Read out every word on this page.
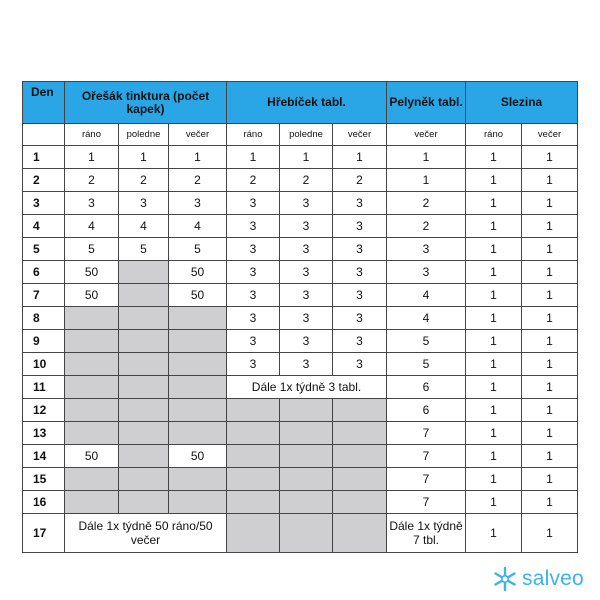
Den	Ořešák tinktura (počet kapek)			Hřebíček tabl.			Pelyněk tabl.	Slezina	
	ráno	poledne	večer	ráno	poledne	večer	večer	ráno	večer
1	1	1	1	1	1	1	1	1	1
2	2	2	2	2	2	2	1	1	1
3	3	3	3	3	3	3	2	1	1
4	4	4	4	3	3	3	2	1	1
5	5	5	5	3	3	3	3	1	1
6	50		50	3	3	3	3	1	1
7	50		50	3	3	3	4	1	1
8				3	3	3	4	1	1
9				3	3	3	5	1	1
10				3	3	3	5	1	1
11				Dále 1x týdně 3 tabl.			6	1	1
12							6	1	1
13							7	1	1
14	50		50				7	1	1
15							7	1	1
16							7	1	1
17	Dále 1x týdně 50 ráno/50 večer						Dále 1x týdně 7 tbl.	1	1
salveo
